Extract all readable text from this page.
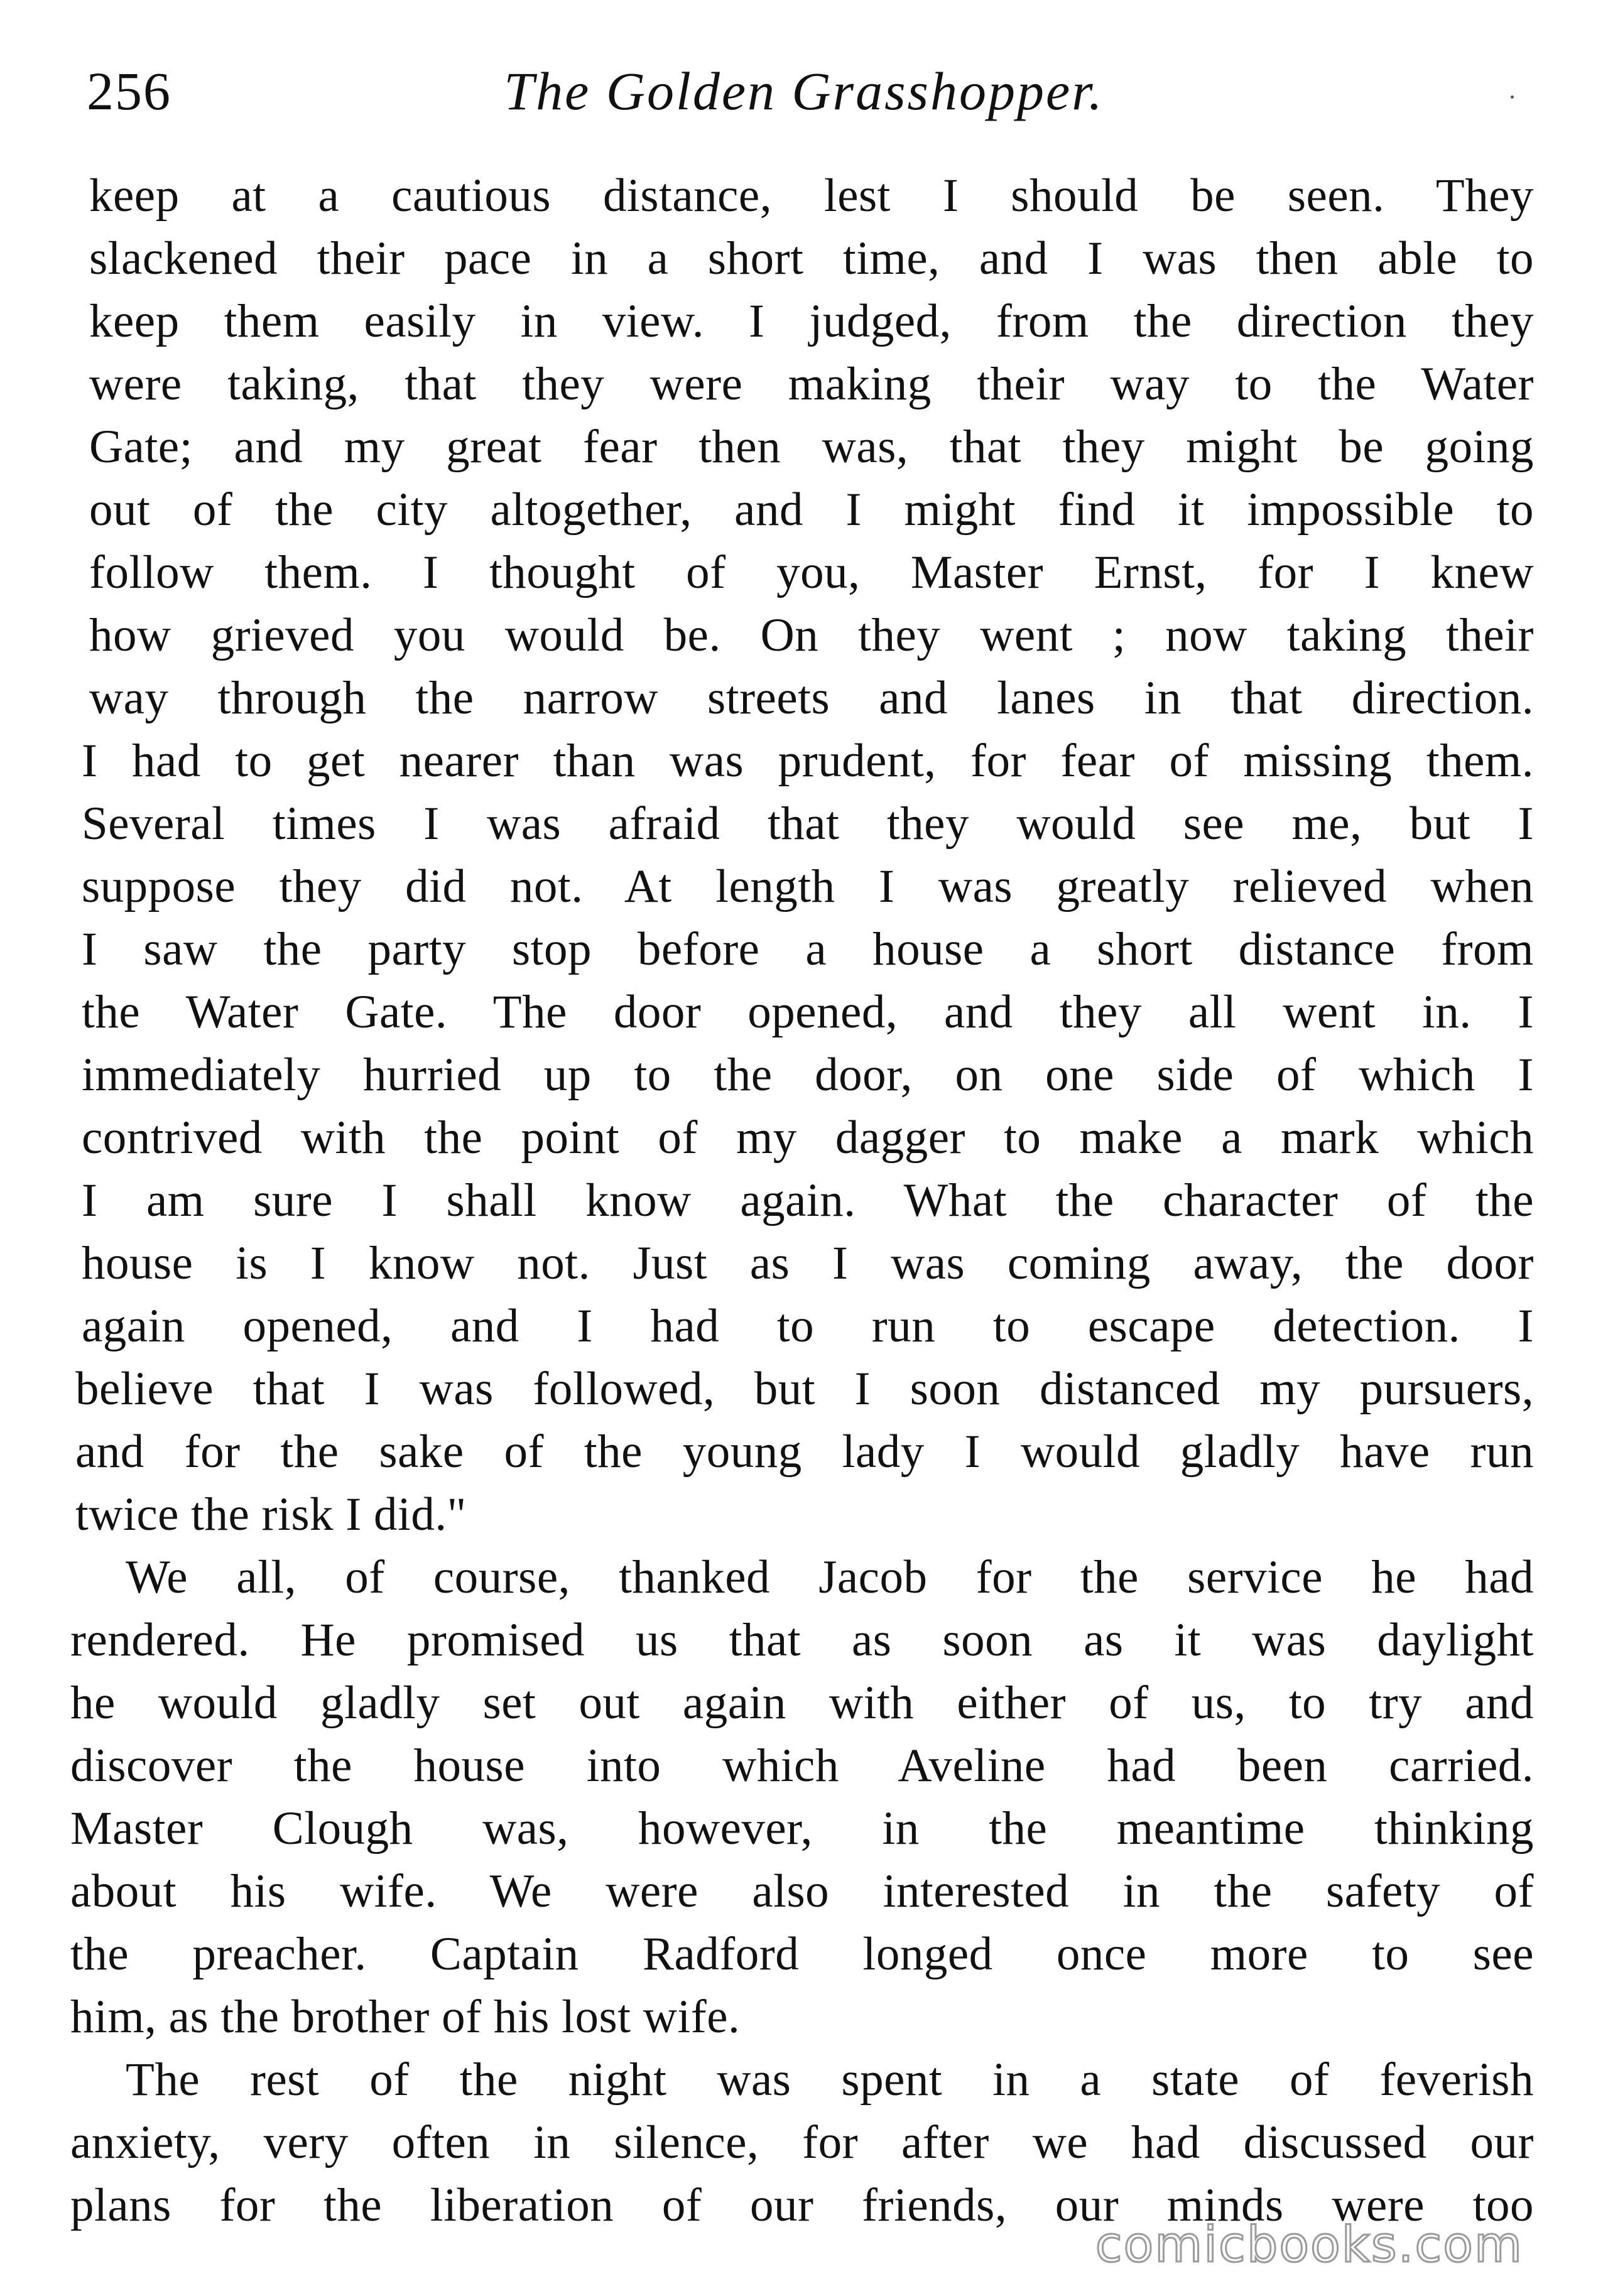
256	The Golden Grasshopper.
keep at a cautious distance, lest I should be seen. They
slackened their pace in a short time, and I was then able to
keep them easily in view. I judged, from the direction they
were taking, that they were making their way to the Water
Gate; and my great fear then was, that they might be going
out of the city altogether, and I might find it impossible to
follow them. I thought of you, Master Ernst, for I knew
how grieved you would be. On they went ; now taking their
way through the narrow streets and lanes in that direction.
I had to get nearer than was prudent, for fear of missing them.
Several times I was afraid that they would see me, but I
suppose they did not. At length I was greatly relieved when
I saw the party stop before a house a short distance from
the Water Gate. The door opened, and they all went in. I
immediately hurried up to the door, on one side of which I
contrived with the point of my dagger to make a mark which
I am sure I shall know again. What the character of the
house is I know not. Just as I was coming away, the door
again opened, and I had to run to escape detection. I
believe that I was followed, but I soon distanced my pursuers,
and for the sake of the young lady I would gladly have run
twice the risk I did."
We all, of course, thanked Jacob for the service he had
rendered. He promised us that as soon as it was daylight
he would gladly set out again with either of us, to try and
discover the house into which Aveline had been carried.
Master Clough was, however, in the meantime thinking
about his wife. We were also interested in the safety of
the preacher. Captain Radford longed once more to see
him, as the brother of his lost wife.
The rest of the night was spent in a state of feverish
anxiety, very often in silence, for after we had discussed our
plans for the liberation of our friends, our minds were too
comicbooks.com
